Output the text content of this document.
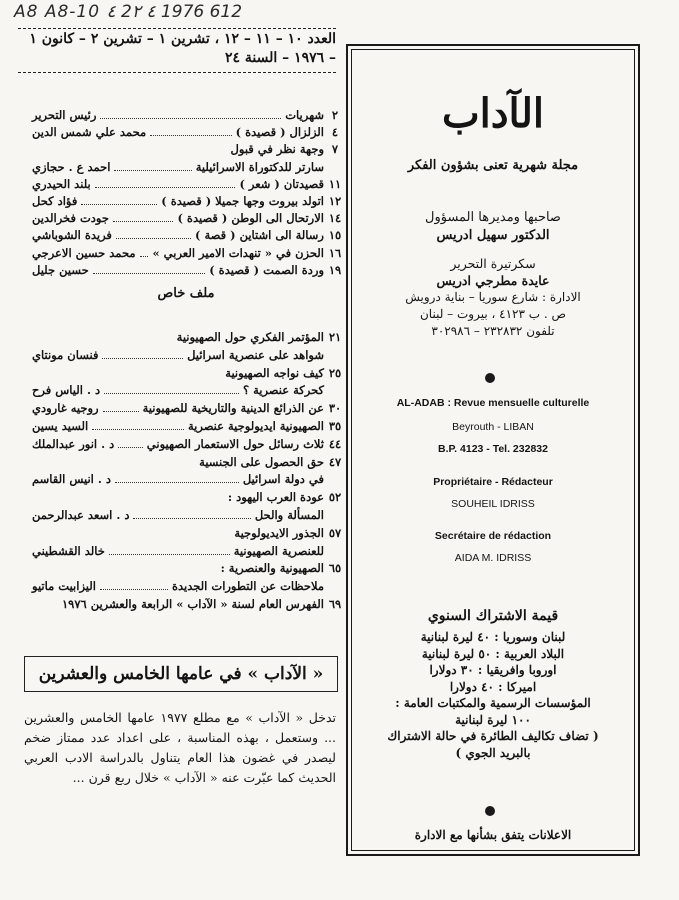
A8 A8-10 ٤ 2٤ ٢ 1976 612
العدد ١٠ – ١١ – ١٢ ، تشرين ١ – تشرين ٢ – كانون ١
– ١٩٧٦ – السنة ٢٤
٢
شهريات
رئيس التحرير
٤
الزلزال ( قصيدة )
محمد علي شمس الدين
٧
وجهة نظر في قبول
سارتر للدكتوراة الاسرائيلية
احمد ع . حجازي
١١
قصيدتان ( شعر )
بلند الحيدري
١٢
اتولد بيروت وجها جميلا ( قصيدة )
فؤاد كحل
١٤
الارتحال الى الوطن ( قصيدة )
جودت فخرالدين
١٥
رسالة الى اشتاين ( قصة )
فريدة الشوباشي
١٦
الحزن في « تنهدات الامير العربي »
محمد حسين الاعرجي
١٩
وردة الصمت ( قصيدة )
حسين جليل
ملف خاص
٢١
المؤتمر الفكري حول الصهيونية
شواهد على عنصرية اسرائيل
فنسان مونتاي
٢٥
كيف نواجه الصهيونية
كحركة عنصرية ؟
د . الياس فرح
٣٠
عن الذرائع الدينية والتاريخية للصهيونية
روجيه غارودي
٣٥
الصهيونية ايديولوجية عنصرية
السيد يسين
٤٤
ثلاث رسائل حول الاستعمار الصهيوني
د . انور عبدالملك
٤٧
حق الحصول على الجنسية
في دولة اسرائيل
د . انيس القاسم
٥٢
عودة العرب اليهود :
المسألة والحل
د . اسعد عبدالرحمن
٥٧
الجذور الايديولوجية
للعنصرية الصهيونية
خالد القشطيني
٦٥
الصهيونية والعنصرية :
ملاحظات عن التطورات الجديدة
اليزابيت ماتيو
٦٩
الفهرس العام لسنة « الآداب » الرابعة والعشرين ١٩٧٦
« الآداب » في عامها الخامس والعشرين
تدخل « الآداب » مع مطلع ١٩٧٧ عامها الخامس والعشرين ... وستعمل ، بهذه المناسبة ، على اعداد عدد ممتاز ضخم ليصدر في غضون هذا العام يتناول بالدراسة الادب العربي الحديث كما عبّرت عنه « الآداب » خلال ربع قرن ...
الآداب
مجلة شهرية تعنى بشؤون الفكر
صاحبها ومديرها المسؤول
الدكتور سهيل ادريس
سكرتيرة التحرير
عايدة مطرجي ادريس
الادارة : شارع سوريا – بناية درويش
ص . ب ٤١٢٣ ، بيروت – لبنان
تلفون ٢٣٢٨٣٢ – ٣٠٢٩٨٦
AL-ADAB : Revue mensuelle culturelle
Beyrouth - LIBAN
B.P. 4123 - Tel. 232832
Propriétaire - Rédacteur
SOUHEIL IDRISS
Secrétaire de rédaction
AIDA M. IDRISS
قيمة الاشتراك السنوي
لبنان وسوريا : ٤٠ ليرة لبنانية
البلاد العربية : ٥٠ ليرة لبنانية
اوروبا وافريقيا : ٣٠ دولارا
اميركا : ٤٠ دولارا
المؤسسات الرسمية والمكتبات العامة :
١٠٠ ليرة لبنانية
( تضاف تكاليف الطائرة في حالة الاشتراك
بالبريد الجوي )
الاعلانات يتفق بشأنها مع الادارة
